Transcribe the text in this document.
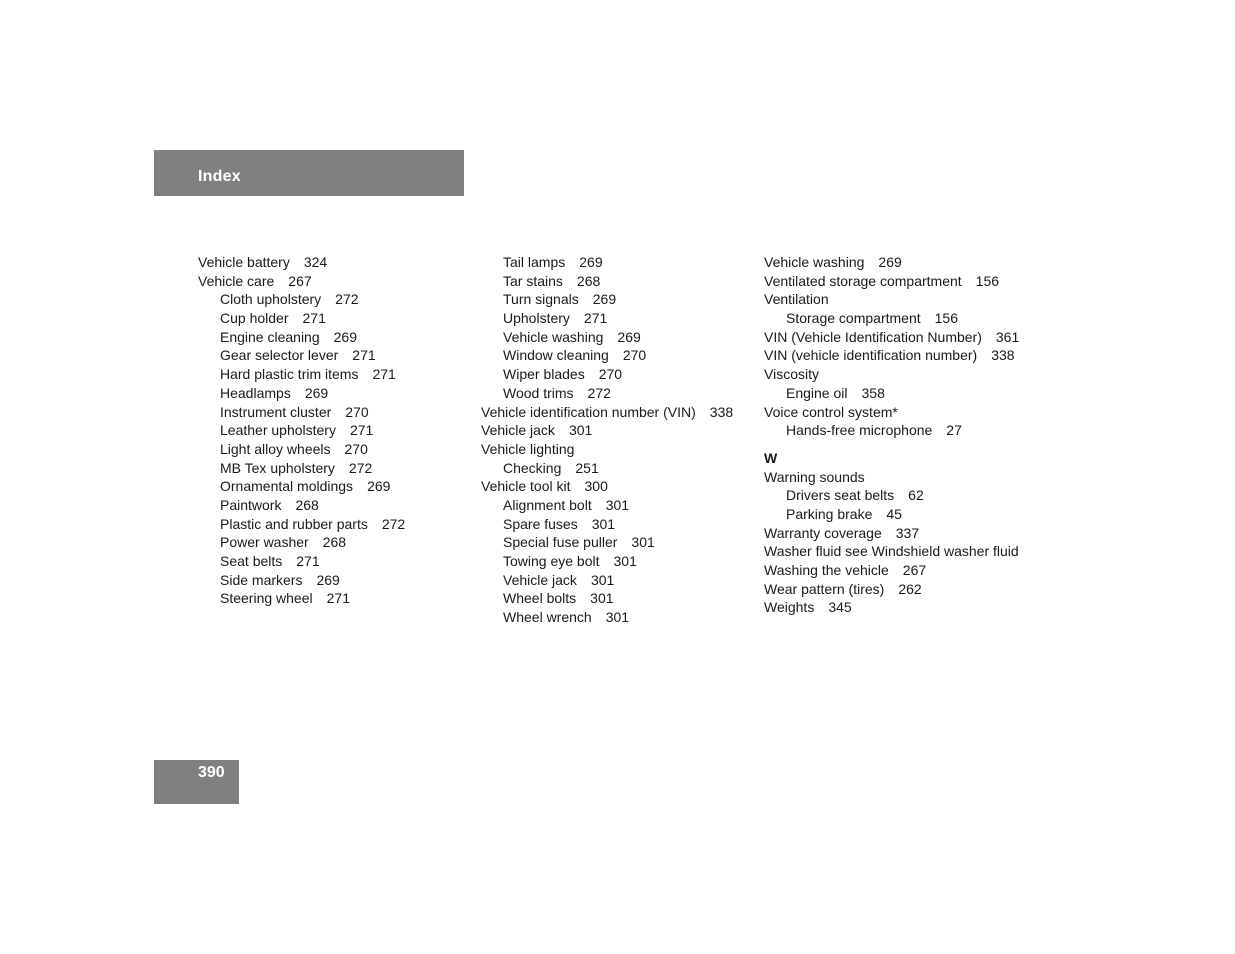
Index
Vehicle battery 324
Vehicle care 267
Cloth upholstery 272
Cup holder 271
Engine cleaning 269
Gear selector lever 271
Hard plastic trim items 271
Headlamps 269
Instrument cluster 270
Leather upholstery 271
Light alloy wheels 270
MB Tex upholstery 272
Ornamental moldings 269
Paintwork 268
Plastic and rubber parts 272
Power washer 268
Seat belts 271
Side markers 269
Steering wheel 271
Tail lamps 269
Tar stains 268
Turn signals 269
Upholstery 271
Vehicle washing 269
Window cleaning 270
Wiper blades 270
Wood trims 272
Vehicle identification number (VIN) 338
Vehicle jack 301
Vehicle lighting
Checking 251
Vehicle tool kit 300
Alignment bolt 301
Spare fuses 301
Special fuse puller 301
Towing eye bolt 301
Vehicle jack 301
Wheel bolts 301
Wheel wrench 301
Vehicle washing 269
Ventilated storage compartment 156
Ventilation
Storage compartment 156
VIN (Vehicle Identification Number) 361
VIN (vehicle identification number) 338
Viscosity
Engine oil 358
Voice control system*
Hands-free microphone 27
W
Warning sounds
Drivers seat belts 62
Parking brake 45
Warranty coverage 337
Washer fluid see Windshield washer fluid
Washing the vehicle 267
Wear pattern (tires) 262
Weights 345
390
